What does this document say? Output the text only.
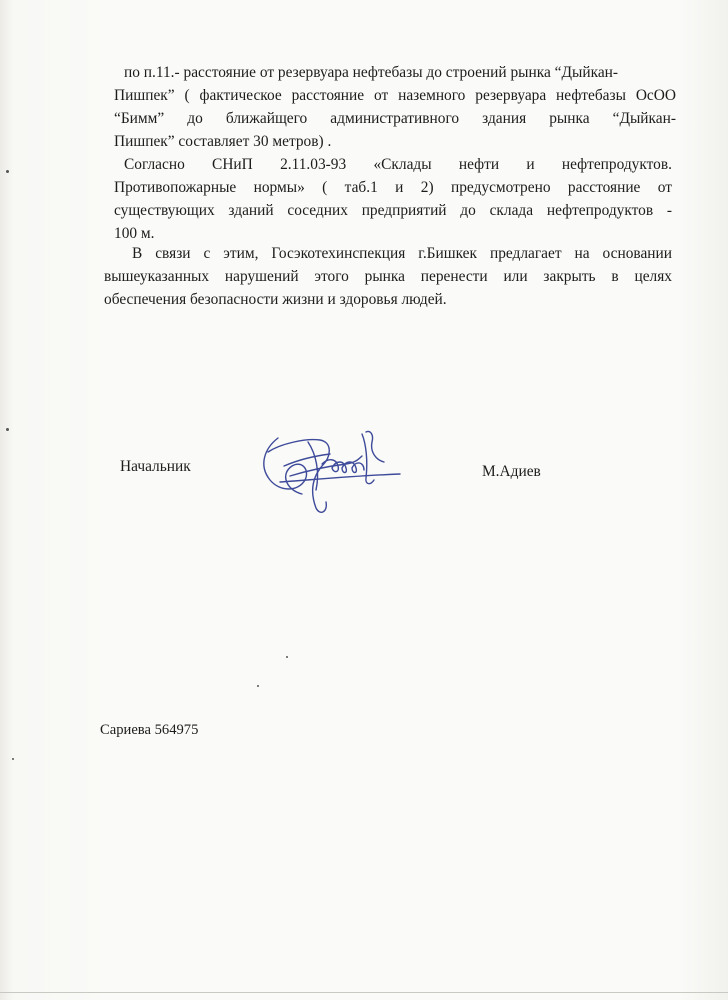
по п.11.- расстояние от резервуара нефтебазы до строений рынка “Дыйкан-
Пишпек” ( фактическое расстояние от наземного резервуара нефтебазы ОсОО
“Бимм” до ближайщего административного здания рынка “Дыйкан-
Пишпек” составляет 30 метров) .
Согласно СНиП 2.11.03-93 «Склады нефти и нефтепродуктов.
Противопожарные нормы» ( таб.1 и 2) предусмотрено расстояние от
существующих зданий соседних предприятий до склада нефтепродуктов -
100 м.
В связи с этим, Госэкотехинспекция г.Бишкек предлагает на основании
вышеуказанных нарушений этого рынка перенести или закрыть в целях
обеспечения безопасности жизни и здоровья людей.
Начальник	М.Адиев
Сариева 564975
